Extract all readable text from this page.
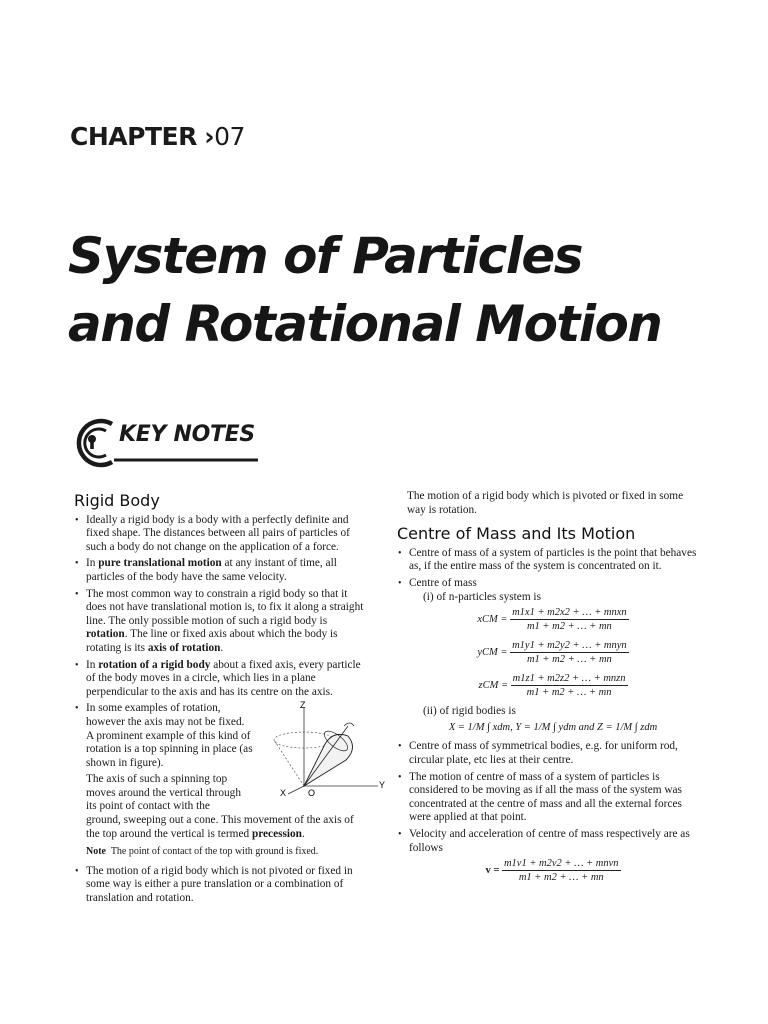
CHAPTER ›07
System of Particles
and Rotational Motion
KEY NOTES
Rigid Body
• Ideally a rigid body is a body with a perfectly definite and fixed shape. The distances between all pairs of particles of such a body do not change on the application of a force.
• In pure translational motion at any instant of time, all particles of the body have the same velocity.
• The most common way to constrain a rigid body so that it does not have translational motion is, to fix it along a straight line. The only possible motion of such a rigid body is rotation. The line or fixed axis about which the body is rotating is its axis of rotation.
• In rotation of a rigid body about a fixed axis, every particle of the body moves in a circle, which lies in a plane perpendicular to the axis and has its centre on the axis.
• In some examples of rotation, however the axis may not be fixed. A prominent example of this kind of rotation is a top spinning in place (as shown in figure).
The axis of such a spinning top moves around the vertical through its point of contact with the
Z
Y
X O
ground, sweeping out a cone. This movement of the axis of the top around the vertical is termed precession.
Note The point of contact of the top with ground is fixed.
• The motion of a rigid body which is not pivoted or fixed in some way is either a pure translation or a combination of translation and rotation.

The motion of a rigid body which is pivoted or fixed in some way is rotation.

Centre of Mass and Its Motion
• Centre of mass of a system of particles is the point that behaves as, if the entire mass of the system is concentrated on it.
• Centre of mass
(i) of n-particles system is
xCM = $\frac{\text{m1x1 + m2x2 + … + mnxn}}{m1 + m2 + \dots + mn}$
yCM = $\frac{\text{m1y1 + m2y2 + … + mnyn}}{m1 + m2 + \dots + mn}$
zCM = $\frac{\text{m1z1 + m2z2 + … + mnzn}}{m1 + m2 + \dots + mn}$
(ii) of rigid bodies is
X = 1/M ∫ xdm, Y = 1/M ∫ ydm and Z = 1/M ∫ zdm
• Centre of mass of symmetrical bodies, e.g. for uniform rod, circular plate, etc lies at their centre.
• The motion of centre of mass of a system of particles is considered to be moving as if all the mass of the system was concentrated at the centre of mass and all the external forces were applied at that point.
• Velocity and acceleration of centre of mass respectively are as follows
$v = \frac{\text{m1v1 + m2v2 + … + mnvn}}{m1 + m2 + \dots + mn}$
